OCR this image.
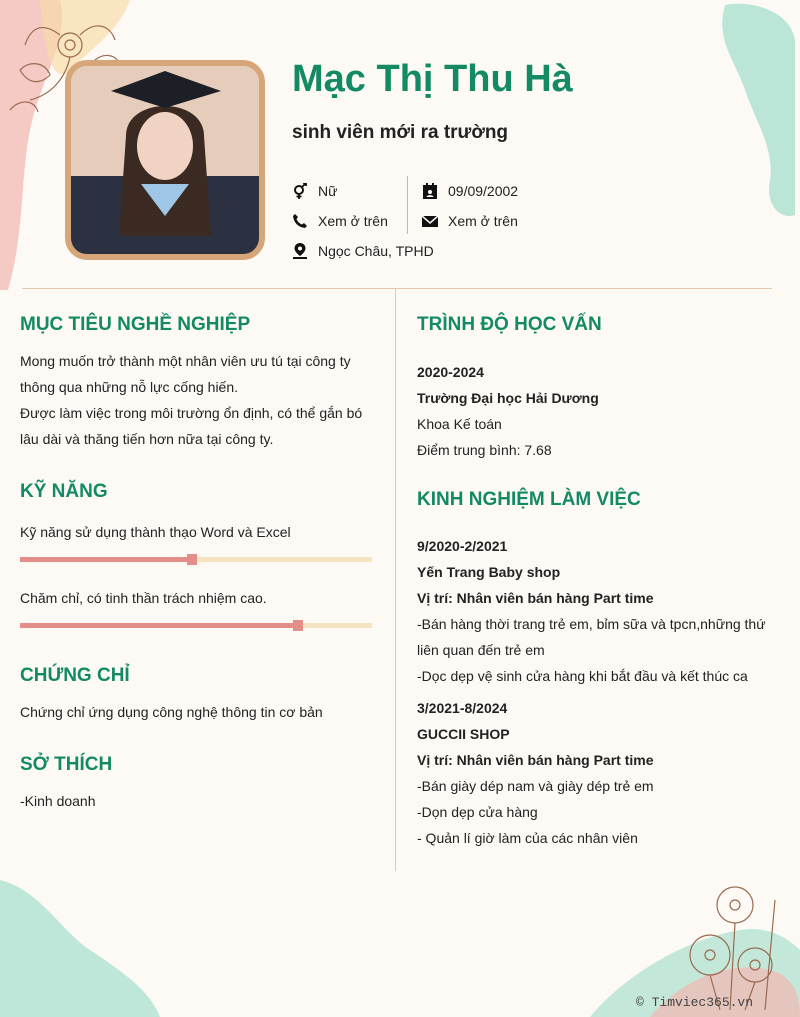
Mạc Thị Thu Hà
sinh viên mới ra trường
Nữ
Xem ở trên
Ngọc Châu, TPHD
09/09/2002
Xem ở trên
MỤC TIÊU NGHỀ NGHIỆP
Mong muốn trở thành một nhân viên ưu tú tại công ty
thông qua những nỗ lực cống hiến.
Được làm việc trong môi trường ổn định, có thể gắn bó
lâu dài và thăng tiến hơn nữa tại công ty.
KỸ NĂNG
Kỹ năng sử dụng thành thạo Word và Excel
Chăm chỉ, có tinh thần trách nhiệm cao.
CHỨNG CHỈ
Chứng chỉ ứng dụng công nghệ thông tin cơ bản
SỞ THÍCH
-Kinh doanh
TRÌNH ĐỘ HỌC VẤN
2020-2024
Trường Đại học Hải Dương
Khoa Kế toán
Điểm trung bình: 7.68
KINH NGHIỆM LÀM VIỆC
9/2020-2/2021
Yến Trang Baby shop
Vị trí: Nhân viên bán hàng Part time
-Bán hàng thời trang trẻ em, bỉm sữa và tpcn,những thứ
liên quan đến trẻ em
-Dọc dẹp vệ sinh cửa hàng khi bắt đầu và kết thúc ca
3/2021-8/2024
GUCCII SHOP
Vị trí: Nhân viên bán hàng Part time
-Bán giày dép nam và giày dép trẻ em
-Dọn dẹp cửa hàng
- Quản lí giờ làm của các nhân viên
© Timviec365.vn
